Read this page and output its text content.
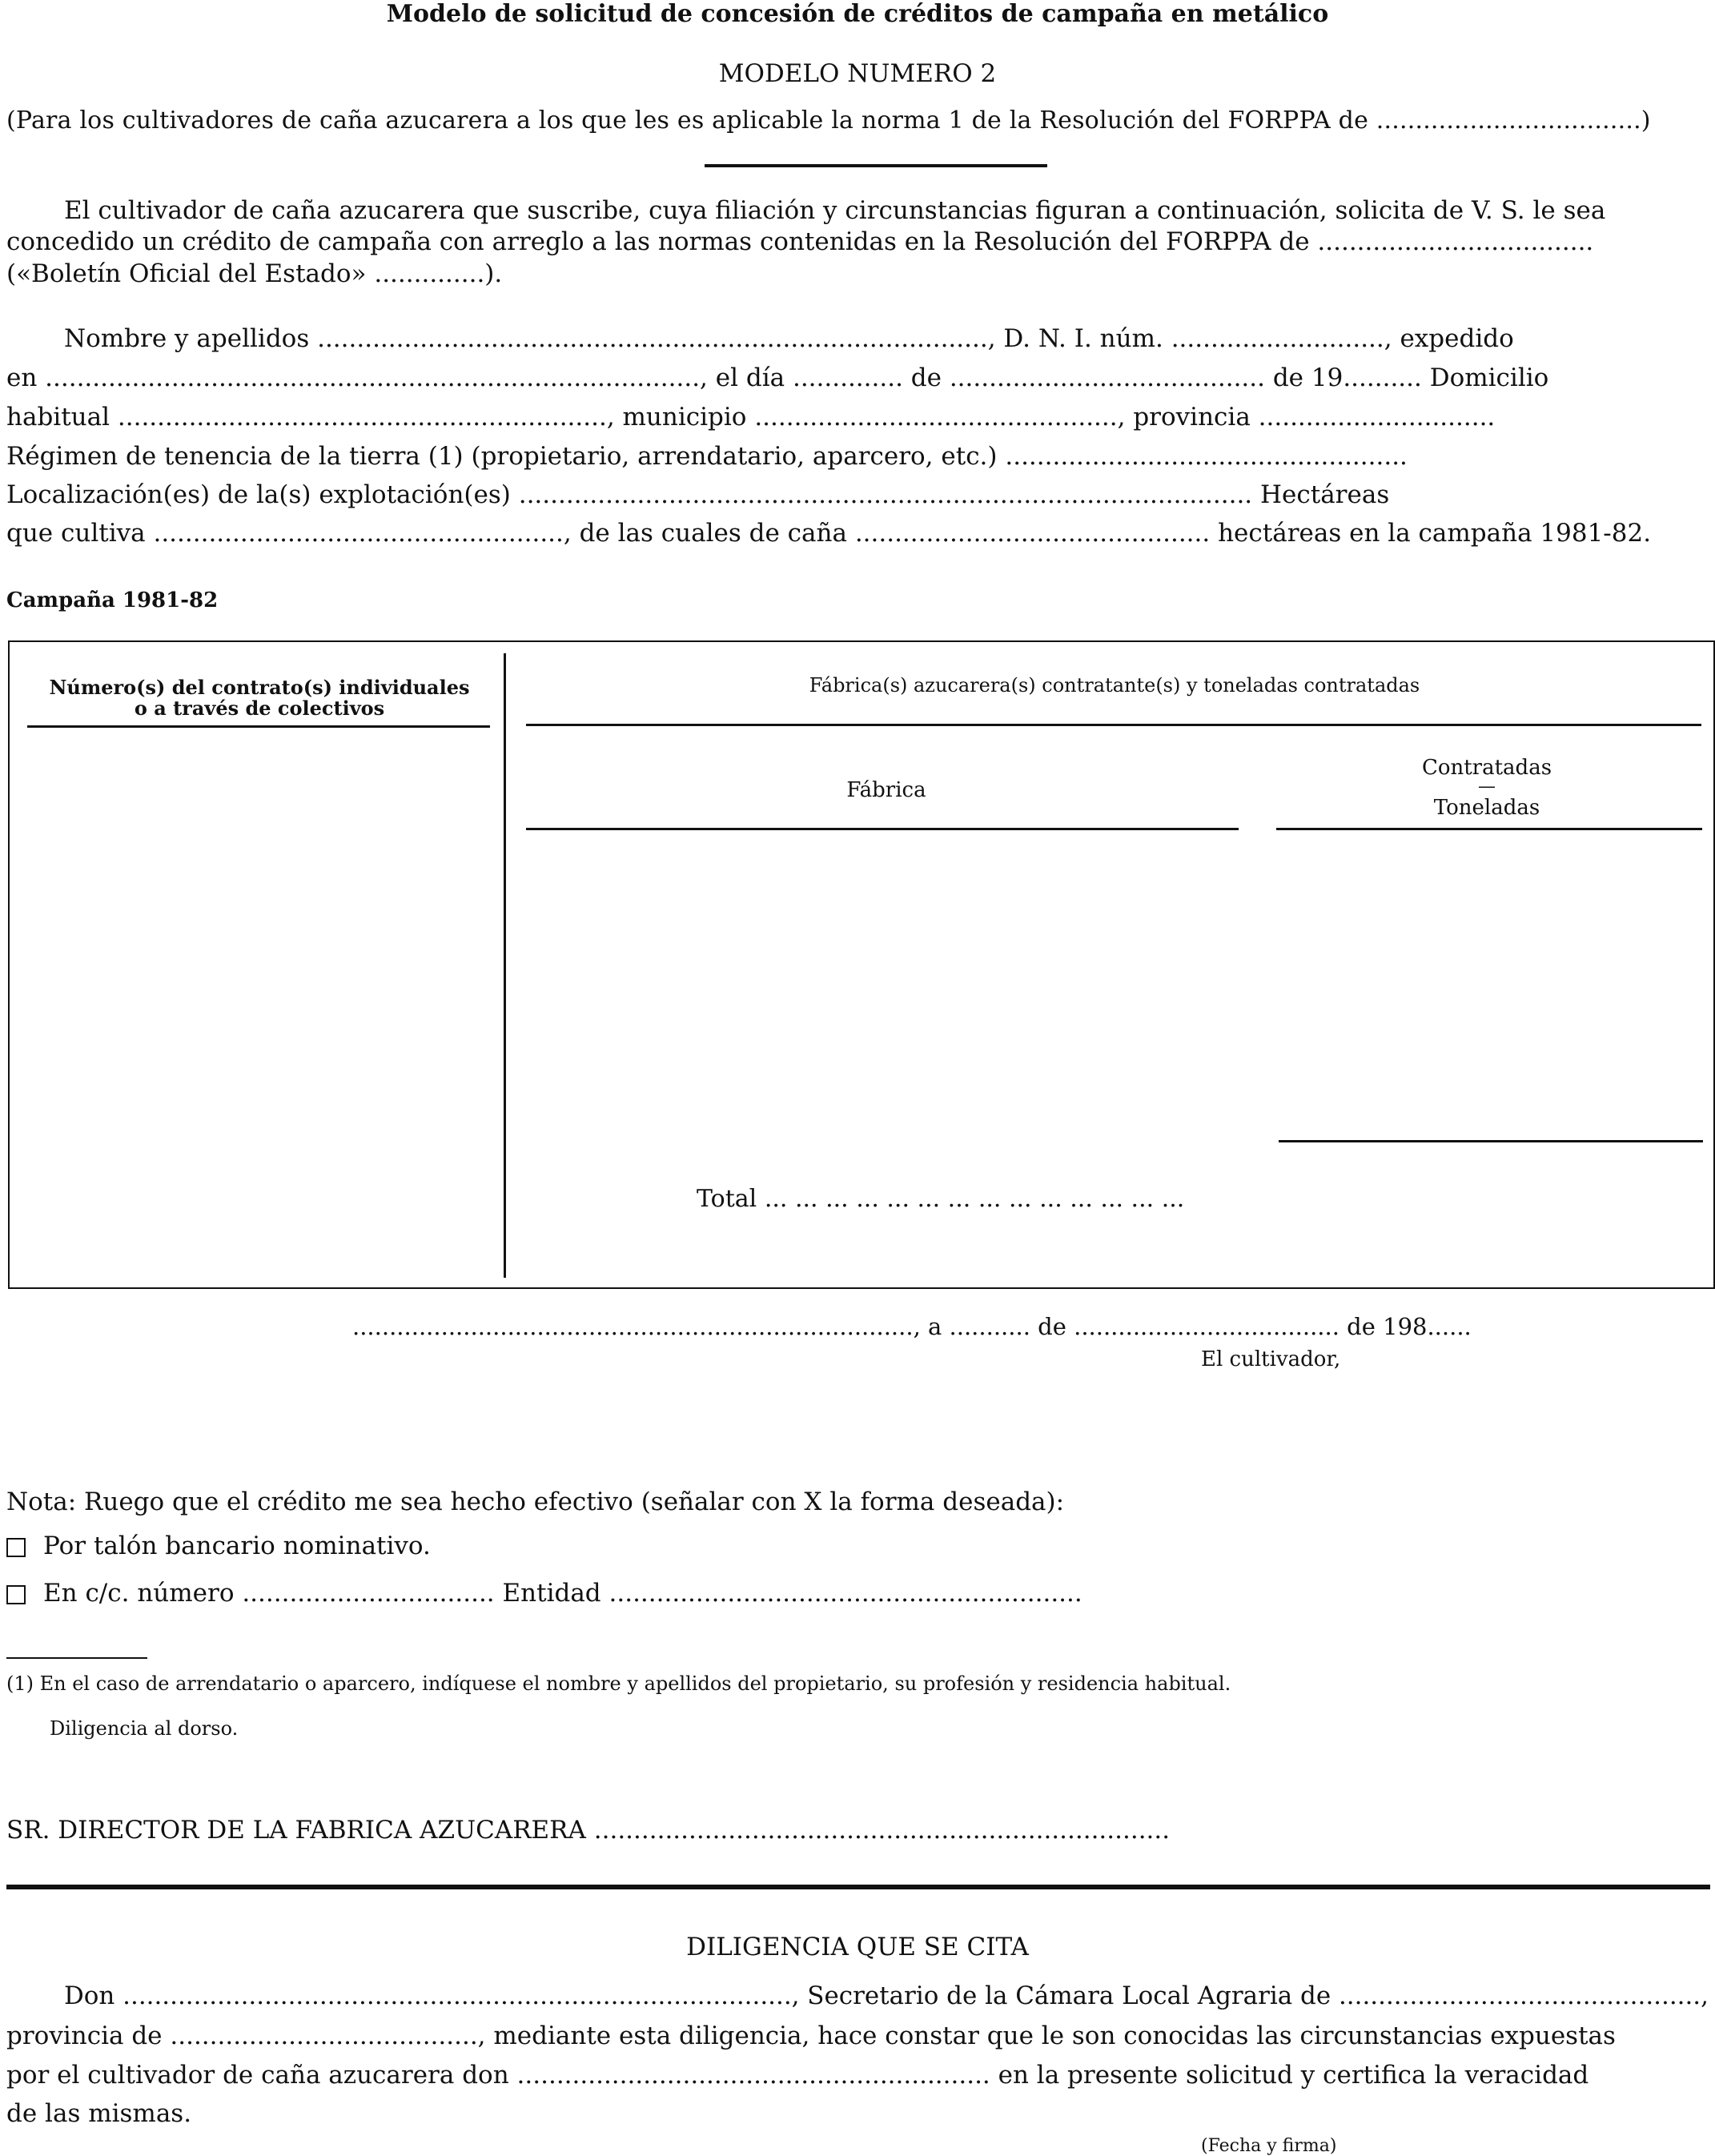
Modelo de solicitud de concesión de créditos de campaña en metálico
MODELO NUMERO 2
(Para los cultivadores de caña azucarera a los que les es aplicable la norma 1 de la Resolución del FORPPA de ..................................)
El cultivador de caña azucarera que suscribe, cuya filiación y circunstancias figuran a continuación, solicita de V. S. le sea
concedido un crédito de campaña con arreglo a las normas contenidas en la Resolución del FORPPA de ...................................
(«Boletín Oficial del Estado» ..............).
Nombre y apellidos ....................................................................................., D. N. I. núm. ..........................., expedido
en ..................................................................................., el día .............. de ........................................ de 19.......... Domicilio
habitual .............................................................., municipio .............................................., provincia ..............................
Régimen de tenencia de la tierra (1) (propietario, arrendatario, aparcero, etc.) ...................................................
Localización(es) de la(s) explotación(es) ............................................................................................. Hectáreas
que cultiva ...................................................., de las cuales de caña ............................................. hectáreas en la campaña 1981-82.
Campaña 1981-82
Número(s) del contrato(s) individuales
o a través de colectivos
Fábrica(s) azucarera(s) contratante(s) y toneladas contratadas
Fábrica
Contratadas
—
Toneladas
Total ... ... ... ... ... ... ... ... ... ... ... ... ... ...
............................................................................, a ........... de .................................... de 198......
El cultivador,
Nota: Ruego que el crédito me sea hecho efectivo (señalar con X la forma deseada):
Por talón bancario nominativo.
En c/c. número ................................ Entidad ............................................................
(1) En el caso de arrendatario o aparcero, indíquese el nombre y apellidos del propietario, su profesión y residencia habitual.
Diligencia al dorso.
SR. DIRECTOR DE LA FABRICA AZUCARERA .........................................................................
DILIGENCIA QUE SE CITA
Don ....................................................................................., Secretario de la Cámara Local Agraria de ..............................................,
provincia de ......................................., mediante esta diligencia, hace constar que le son conocidas las circunstancias expuestas
por el cultivador de caña azucarera don ............................................................ en la presente solicitud y certifica la veracidad
de las mismas.
(Fecha y firma)
